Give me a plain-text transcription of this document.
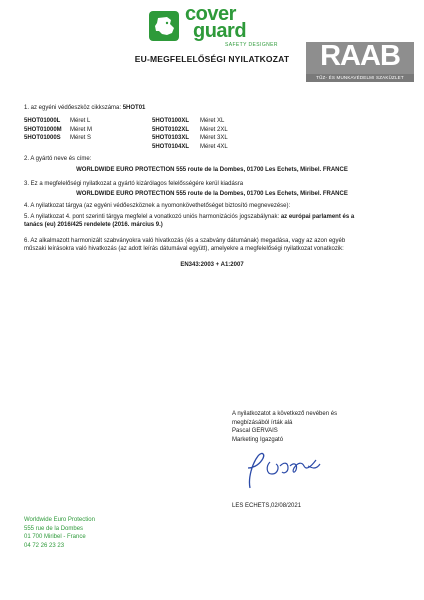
cover
guard
SAFETY DESIGNER	RAAB
TŰZ- ÉS MUNKAVÉDELMI SZAKÜZLET
EU-MEGFELELŐSÉGI NYILATKOZAT
1. az egyéni védőeszköz cikkszáma: 5HOT01
5HOT01000L Méret L
5HOT01000M Méret M
5HOT01000S Méret S
5HOT0100XL Méret XL
5HOT0102XL Méret 2XL
5HOT0103XL Méret 3XL
5HOT0104XL Méret 4XL
2. A gyártó neve és címe:
WORLDWIDE EURO PROTECTION 555 route de la Dombes, 01700 Les Echets, Miribel. FRANCE
3. Ez a megfelelőségi nyilatkozat a gyártó kizárólagos felelősségére kerül kiadásra
WORLDWIDE EURO PROTECTION 555 route de la Dombes, 01700 Les Echets, Miribel. FRANCE
4. A nyilatkozat tárgya (az egyéni védőeszköznek a nyomonkövethetőséget biztosító megnevezése):
5. A nyilatkozat 4. pont szerinti tárgya megfelel a vonatkozó uniós harmonizációs jogszabálynak: az európai parlament és a
tanács (eu) 2016/425 rendelete (2016. március 9.)
6. Az alkalmazott harmonizált szabványokra való hivatkozás (és a szabvány dátumának) megadása, vagy az azon egyéb
műszaki leírásokra való hivatkozás (az adott leírás dátumával együtt), amelyekre a megfelelőségi nyilatkozat vonatkozik:
EN343:2003 + A1:2007
A nyilatkozatot a következő nevében és
megbízásából írták alá
Pascal GERVAIS
Marketing Igazgató
LES ECHETS,02/08/2021
Worldwide Euro Protection
555 rue de la Dombes
01 700 Miribel - France
04 72 26 23 23
